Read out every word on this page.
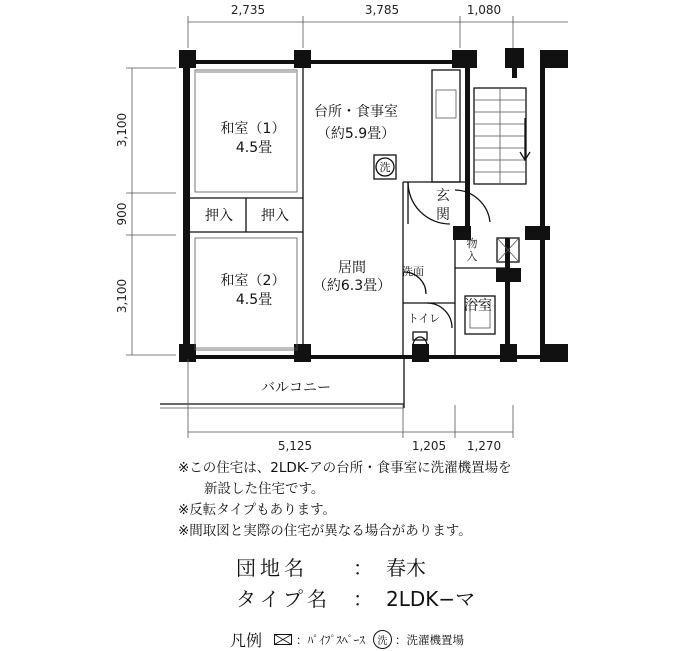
2,735	3,785	1,080
5,125	1,205 1,270
3,100
900
3,100
和室（1）
4.5畳
押入 押入
和室（2）
4.5畳
台所・食事室
（約5.9畳）
居間
（約6.3畳）
玄
関
物
入
洗面
トイレ
浴室
バルコニー
洗
※この住宅は、2LDK-アの台所・食事室に洗濯機置場を
新設した住宅です。
※反転タイプもあります。
※間取図と実際の住宅が異なる場合があります。
団地名	： 春木
タイプ名	： 2LDK−マ
凡例	：ﾊﾟｲﾌﾟｽﾍﾟｰｽ	洗 ：洗濯機置場
